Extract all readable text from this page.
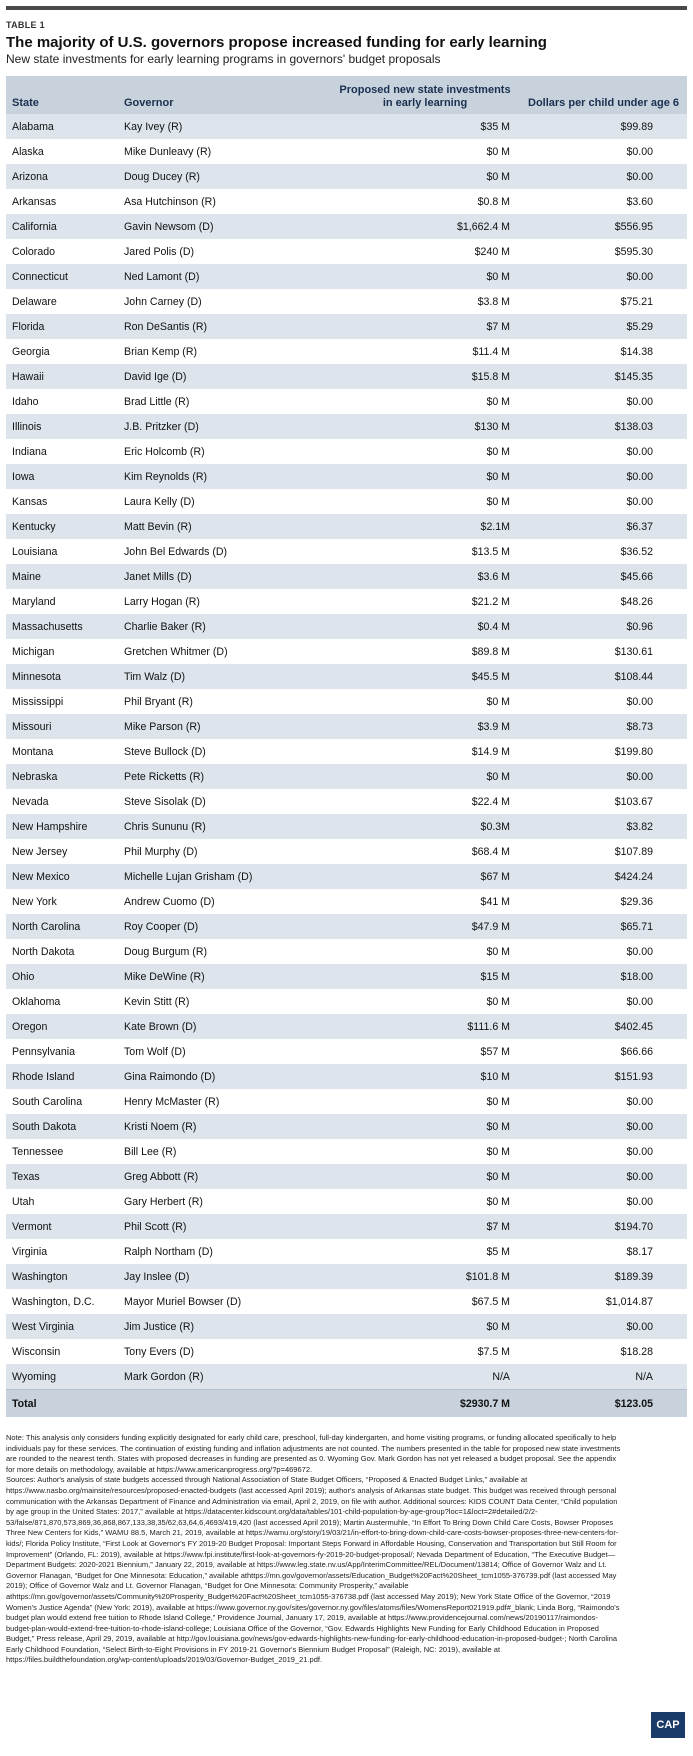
TABLE 1
The majority of U.S. governors propose increased funding for early learning
New state investments for early learning programs in governors' budget proposals
State	Governor	Proposed new state investments in early learning	Dollars per child under age 6
Alabama	Kay Ivey (R)	$35 M	$99.89
Alaska	Mike Dunleavy (R)	$0 M	$0.00
Arizona	Doug Ducey (R)	$0 M	$0.00
Arkansas	Asa Hutchinson (R)	$0.8 M	$3.60
California	Gavin Newsom (D)	$1,662.4 M	$556.95
Colorado	Jared Polis (D)	$240 M	$595.30
Connecticut	Ned Lamont (D)	$0 M	$0.00
Delaware	John Carney (D)	$3.8 M	$75.21
Florida	Ron DeSantis (R)	$7 M	$5.29
Georgia	Brian Kemp (R)	$11.4 M	$14.38
Hawaii	David Ige (D)	$15.8 M	$145.35
Idaho	Brad Little (R)	$0 M	$0.00
Illinois	J.B. Pritzker (D)	$130 M	$138.03
Indiana	Eric Holcomb (R)	$0 M	$0.00
Iowa	Kim Reynolds (R)	$0 M	$0.00
Kansas	Laura Kelly (D)	$0 M	$0.00
Kentucky	Matt Bevin (R)	$2.1M	$6.37
Louisiana	John Bel Edwards (D)	$13.5 M	$36.52
Maine	Janet Mills (D)	$3.6 M	$45.66
Maryland	Larry Hogan (R)	$21.2 M	$48.26
Massachusetts	Charlie Baker (R)	$0.4 M	$0.96
Michigan	Gretchen Whitmer (D)	$89.8 M	$130.61
Minnesota	Tim Walz (D)	$45.5 M	$108.44
Mississippi	Phil Bryant (R)	$0 M	$0.00
Missouri	Mike Parson (R)	$3.9 M	$8.73
Montana	Steve Bullock (D)	$14.9 M	$199.80
Nebraska	Pete Ricketts (R)	$0 M	$0.00
Nevada	Steve Sisolak (D)	$22.4 M	$103.67
New Hampshire	Chris Sununu (R)	$0.3M	$3.82
New Jersey	Phil Murphy (D)	$68.4 M	$107.89
New Mexico	Michelle Lujan Grisham (D)	$67 M	$424.24
New York	Andrew Cuomo (D)	$41 M	$29.36
North Carolina	Roy Cooper (D)	$47.9 M	$65.71
North Dakota	Doug Burgum (R)	$0 M	$0.00
Ohio	Mike DeWine (R)	$15 M	$18.00
Oklahoma	Kevin Stitt (R)	$0 M	$0.00
Oregon	Kate Brown (D)	$111.6 M	$402.45
Pennsylvania	Tom Wolf (D)	$57 M	$66.66
Rhode Island	Gina Raimondo (D)	$10 M	$151.93
South Carolina	Henry McMaster (R)	$0 M	$0.00
South Dakota	Kristi Noem (R)	$0 M	$0.00
Tennessee	Bill Lee (R)	$0 M	$0.00
Texas	Greg Abbott (R)	$0 M	$0.00
Utah	Gary Herbert (R)	$0 M	$0.00
Vermont	Phil Scott (R)	$7 M	$194.70
Virginia	Ralph Northam (D)	$5 M	$8.17
Washington	Jay Inslee (D)	$101.8 M	$189.39
Washington, D.C.	Mayor Muriel Bowser (D)	$67.5 M	$1,014.87
West Virginia	Jim Justice (R)	$0 M	$0.00
Wisconsin	Tony Evers (D)	$7.5 M	$18.28
Wyoming	Mark Gordon (R)	N/A	N/A
Total		$2930.7 M	$123.05

Note: This analysis only considers funding explicitly designated for early child care, preschool, full-day kindergarten, and home visiting programs, or funding allocated specifically to help individuals pay for these services. The continuation of existing funding and inflation adjustments are not counted. The numbers presented in the table for proposed new state investments are rounded to the nearest tenth. States with proposed decreases in funding are presented as 0. Wyoming Gov. Mark Gordon has not yet released a budget proposal. See the appendix for more details on methodology, available at https://www.americanprogress.org/?p=469672.

Sources: Author's analysis of state budgets accessed through National Association of State Budget Officers, “Proposed & Enacted Budget Links,” available at https://www.nasbo.org/mainsite/resources/proposed-enacted-budgets (last accessed April 2019); author's analysis of Arkansas state budget. This budget was received through personal communication with the Arkansas Department of Finance and Administration via email, April 2, 2019, on file with author. Additional sources: KIDS COUNT Data Center, “Child population by age group in the United States: 2017,” available at https://datacenter.kidscount.org/data/tables/101-child-population-by-age-group?loc=1&loct=2#detailed/2/2-53/false/871,870,573,869,36,868,867,133,38,35/62,63,64,6,4693/419,420 (last accessed April 2019); Martin Austermuhle, “In Effort To Bring Down Child Care Costs, Bowser Proposes Three New Centers for Kids,” WAMU 88.5, March 21, 2019, available at https://wamu.org/story/19/03/21/in-effort-to-bring-down-child-care-costs-bowser-proposes-three-new-centers-for-kids/; Florida Policy Institute, “First Look at Governor's FY 2019-20 Budget Proposal: Important Steps Forward in Affordable Housing, Conservation and Transportation but Still Room for Improvement” (Orlando, FL: 2019), available at https://www.fpi.institute/first-look-at-governors-fy-2019-20-budget-proposal/; Nevada Department of Education, “The Executive Budget—Department Budgets: 2020-2021 Biennium,” January 22, 2019, available at https://www.leg.state.nv.us/App/InterimCommittee/REL/Document/13814; Office of Governor Walz and Lt. Governor Flanagan, “Budget for One Minnesota: Education,” available athttps://mn.gov/governor/assets/Education_Budget%20Fact%20Sheet_tcm1055-376739.pdf (last accessed May 2019); Office of Governor Walz and Lt. Governor Flanagan, “Budget for One Minnesota: Community Prosperity,” available athttps://mn.gov/governor/assets/Community%20Prosperity_Budget%20Fact%20Sheet_tcm1055-376738.pdf (last accessed May 2019); New York State Office of the Governor, “2019 Women's Justice Agenda” (New York: 2019), available at https://www.governor.ny.gov/sites/governor.ny.gov/files/atoms/files/WomensReport021919.pdf#_blank; Linda Borg, “Raimondo's budget plan would extend free tuition to Rhode Island College,” Providence Journal, January 17, 2019, available at https://www.providencejournal.com/news/20190117/raimondos-budget-plan-would-extend-free-tuition-to-rhode-island-college; Louisiana Office of the Governor, “Gov. Edwards Highlights New Funding for Early Childhood Education in Proposed Budget,” Press release, April 29, 2019, available at http://gov.louisiana.gov/news/gov-edwards-highlights-new-funding-for-early-childhood-education-in-proposed-budget-; North Carolina Early Childhood Foundation, “Select Birth-to-Eight Provisions in FY 2019-21 Governor's Biennium Budget Proposal” (Raleigh, NC: 2019), available at https://files.buildthefoundation.org/wp-content/uploads/2019/03/Governor-Budget_2019_21.pdf.

CAP
